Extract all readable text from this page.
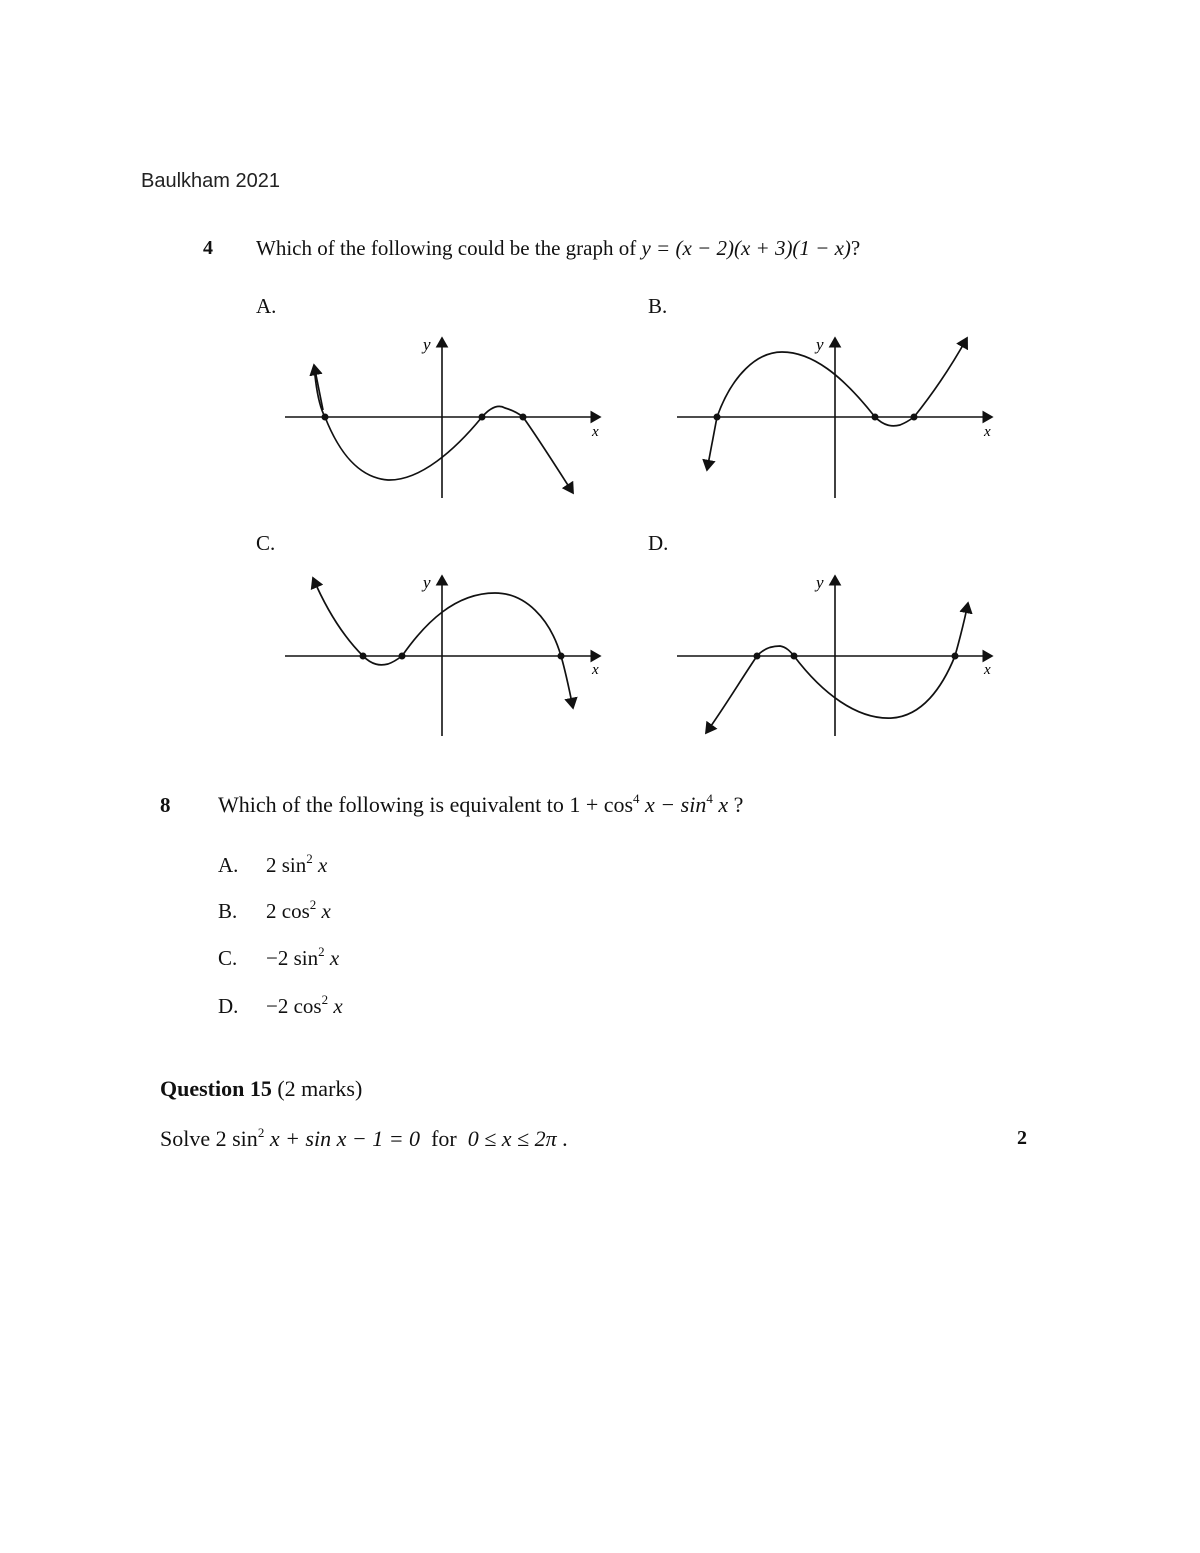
Baulkham 2021
4 Which of the following could be the graph of y = (x − 2)(x + 3)(1 − x)?
A.	B.
C.	D.
y
x
y
x
y
x
y
x
8 Which of the following is equivalent to $1 + \cos^4 x - \sin^4 x$ ?
A. 2 $\sin^2 x$
B. 2 $\cos^2 x$
C. −2 $\sin^2 x$
D. −2 $\cos^2 x$
Question 15 (2 marks)
Solve 2 $\sin^2 x + \sin x - 1 = 0$  for  0 ≤ x ≤ 2π .	2
